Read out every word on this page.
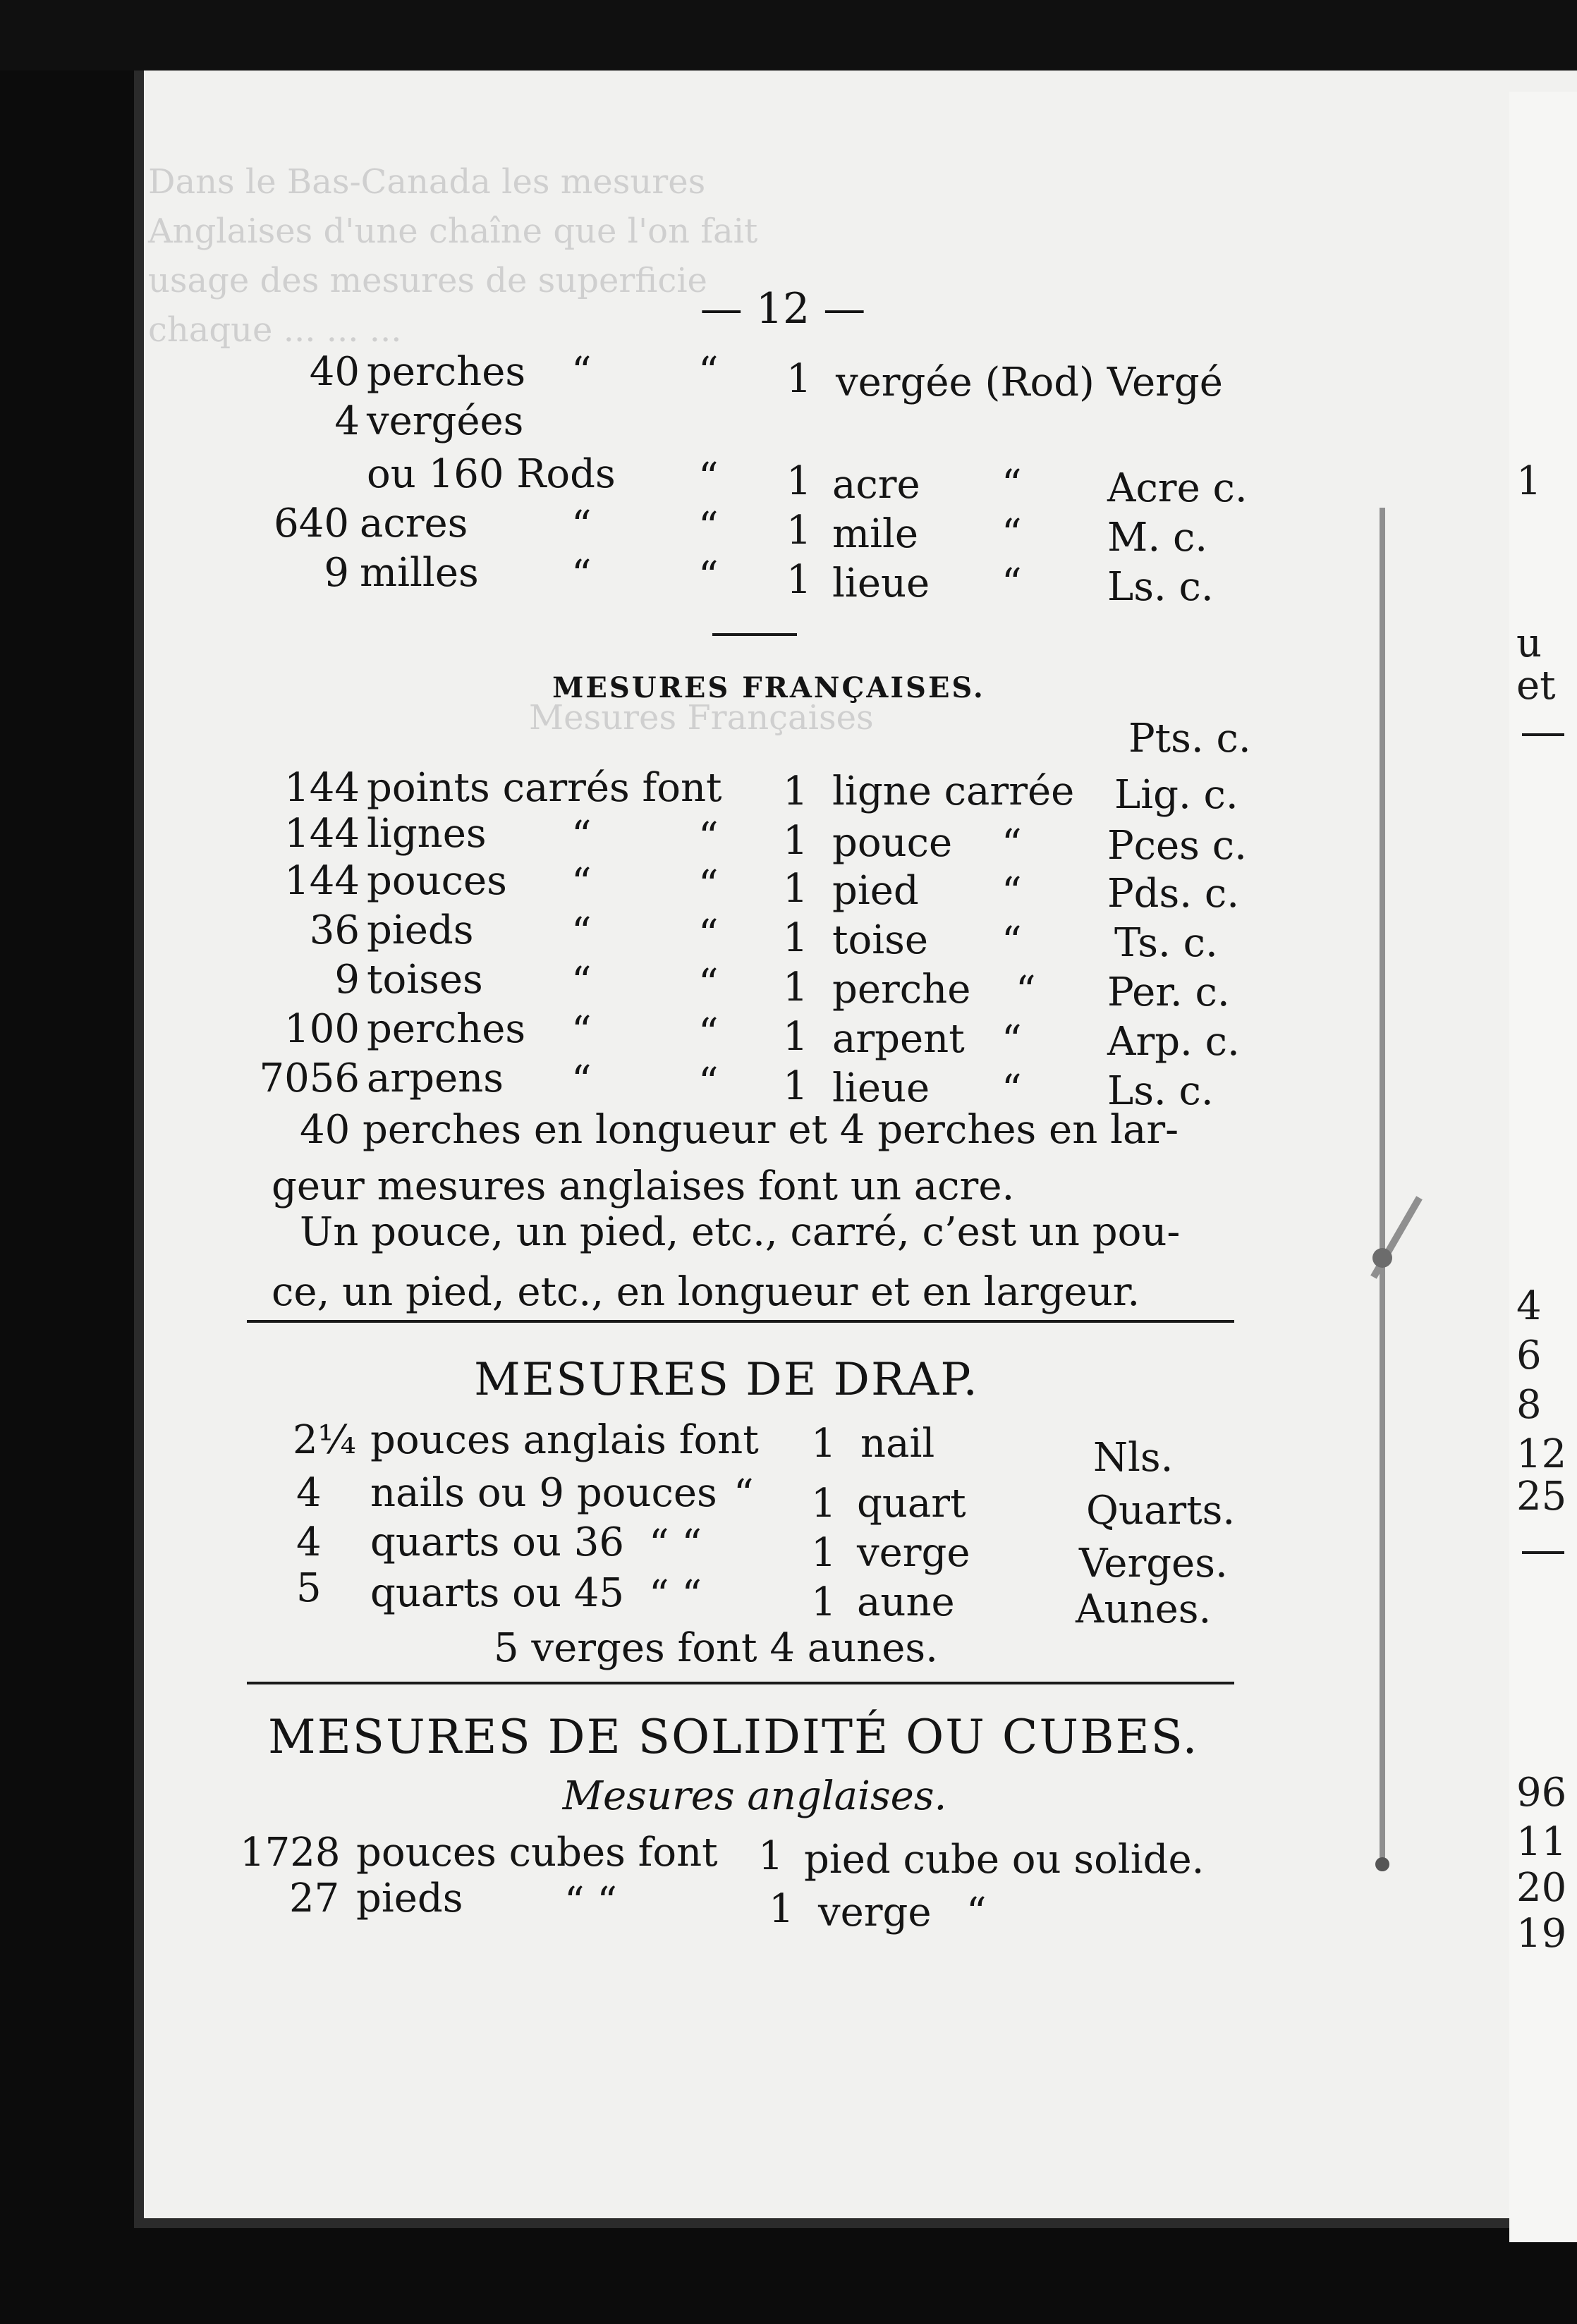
Dans le Bas-Canada les mesures
Anglaises d'une chaîne que l'on fait
usage des mesures de superficie
chaque ... ... ...
Mesures Françaises
1
u
et
4
6
8
12
25
96
11
20
19
— 12 —
40 perches “	“ 1 vergée (Rod) Vergé
4 vergées
ou 160 Rods “ 1 acre “ Acre c.
640 acres	“	“ 1 mile “ M. c.
9 milles “	“ 1 lieue “ Ls. c.
MESURES FRANÇAISES.
Pts. c.
144 points carrés font 1 ligne carrée Lig. c.
144 lignes “	“ 1 pouce “ Pces c.
144 pouces “	“ 1 pied “ Pds. c.
36 pieds “	“ 1 toise “ Ts. c.
9 toises “	“ 1 perche “ Per. c.
100 perches “	“ 1 arpent “ Arp. c.
7056 arpens “	“ 1 lieue “ Ls. c.
40 perches en longueur et 4 perches en lar-
geur mesures anglaises font un acre.
Un pouce, un pied, etc., carré, c’est un pou-
ce, un pied, etc., en longueur et en largeur.
MESURES DE DRAP.
2¼ pouces anglais font 1 nail	Nls.
4 nails ou 9 pouces “ 1 quart	Quarts.
4 quarts ou 36 “ “	1 verge	Verges.
5 quarts ou 45 “ “	1 aune	Aunes.
5 verges font 4 aunes.
MESURES DE SOLIDITÉ OU CUBES.
Mesures anglaises.
1728 pouces cubes font 1 pied cube ou solide.
27 pieds	“ “	1 verge “
